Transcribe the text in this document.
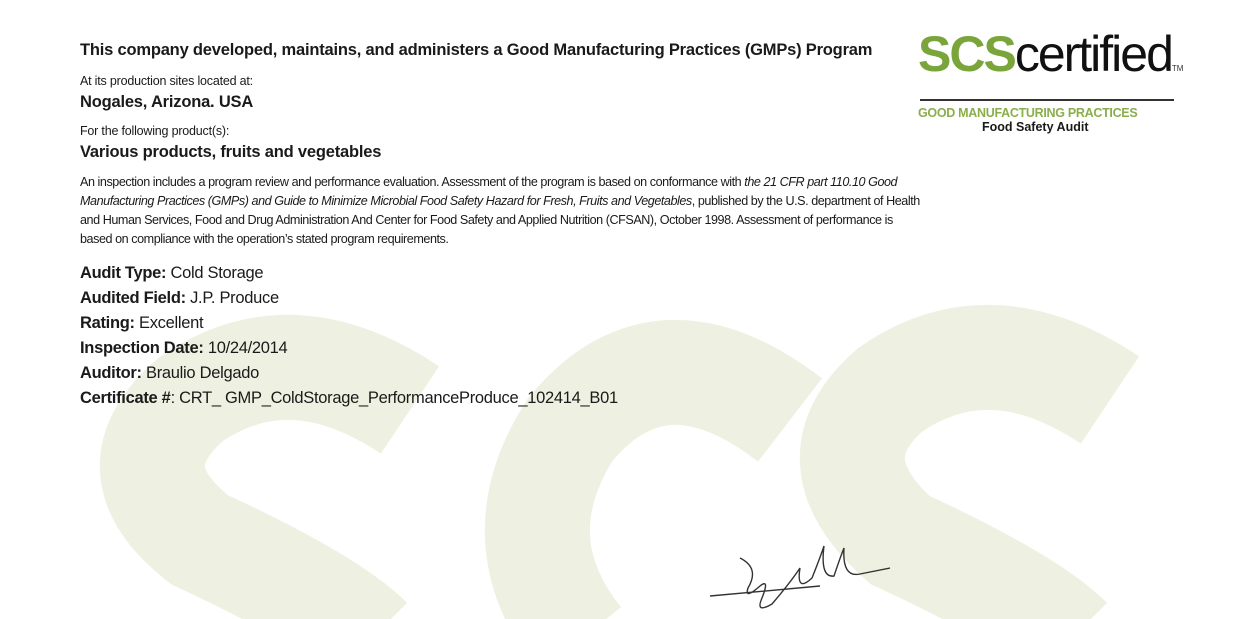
This company developed, maintains, and administers a Good Manufacturing Practices (GMPs) Program

At its production sites located at:

Nogales, Arizona. USA

For the following product(s):

Various products, fruits and vegetables

An inspection includes a program review and performance evaluation. Assessment of the program is based on conformance with the 21 CFR part 110.10 Good Manufacturing Practices (GMPs) and Guide to Minimize Microbial Food Safety Hazard for Fresh, Fruits and Vegetables, published by the U.S. department of Health and Human Services, Food and Drug Administration And Center for Food Safety and Applied Nutrition (CFSAN), October 1998. Assessment of performance is based on compliance with the operation’s stated program requirements.

Audit Type: Cold Storage
Audited Field: J.P. Produce
Rating: Excellent
Inspection Date: 10/24/2014
Auditor: Braulio Delgado
Certificate #: CRT_ GMP_ColdStorage_PerformanceProduce_102414_B01
SCScertifiedTM
GOOD MANUFACTURING PRACTICES
Food Safety Audit
